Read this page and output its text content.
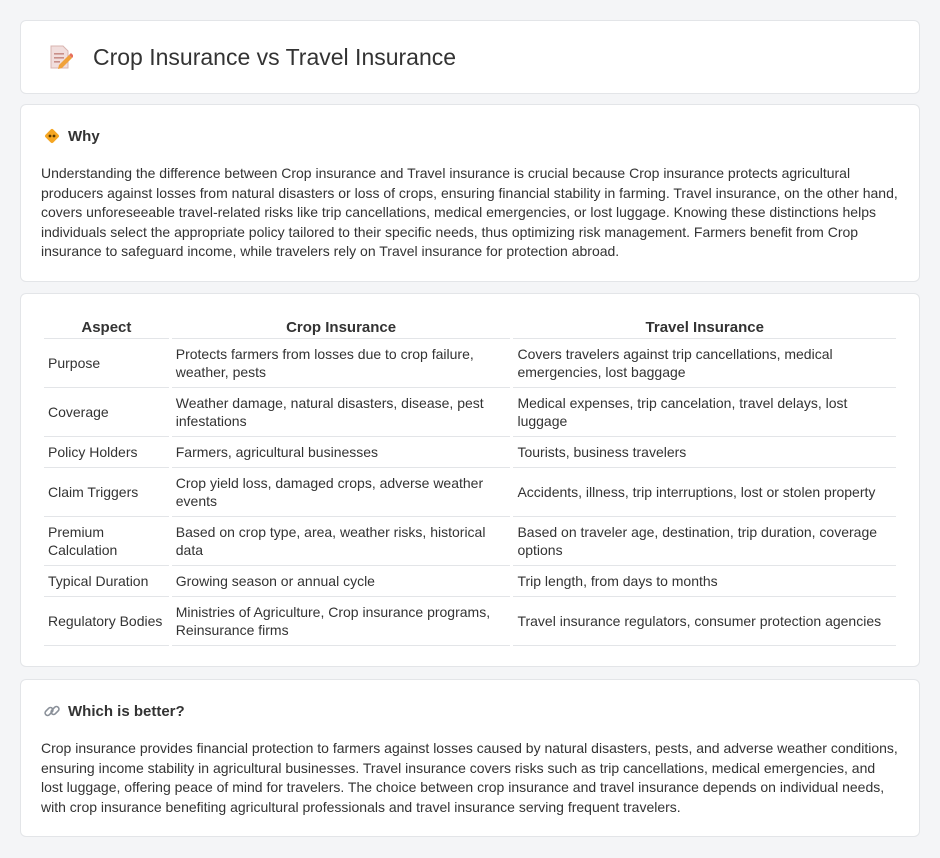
Crop Insurance vs Travel Insurance
Why

Understanding the difference between Crop insurance and Travel insurance is crucial because Crop insurance protects agricultural producers against losses from natural disasters or loss of crops, ensuring financial stability in farming. Travel insurance, on the other hand, covers unforeseeable travel-related risks like trip cancellations, medical emergencies, or lost luggage. Knowing these distinctions helps individuals select the appropriate policy tailored to their specific needs, thus optimizing risk management. Farmers benefit from Crop insurance to safeguard income, while travelers rely on Travel insurance for protection abroad.

Aspect	Crop Insurance	Travel Insurance
Purpose	Protects farmers from losses due to crop failure, weather, pests	Covers travelers against trip cancellations, medical emergencies, lost baggage
Coverage	Weather damage, natural disasters, disease, pest infestations	Medical expenses, trip cancelation, travel delays, lost luggage
Policy Holders	Farmers, agricultural businesses	Tourists, business travelers
Claim Triggers	Crop yield loss, damaged crops, adverse weather events	Accidents, illness, trip interruptions, lost or stolen property
Premium Calculation	Based on crop type, area, weather risks, historical data	Based on traveler age, destination, trip duration, coverage options
Typical Duration	Growing season or annual cycle	Trip length, from days to months
Regulatory Bodies	Ministries of Agriculture, Crop insurance programs, Reinsurance firms	Travel insurance regulators, consumer protection agencies
Which is better?

Crop insurance provides financial protection to farmers against losses caused by natural disasters, pests, and adverse weather conditions, ensuring income stability in agricultural businesses. Travel insurance covers risks such as trip cancellations, medical emergencies, and lost luggage, offering peace of mind for travelers. The choice between crop insurance and travel insurance depends on individual needs, with crop insurance benefiting agricultural professionals and travel insurance serving frequent travelers.
